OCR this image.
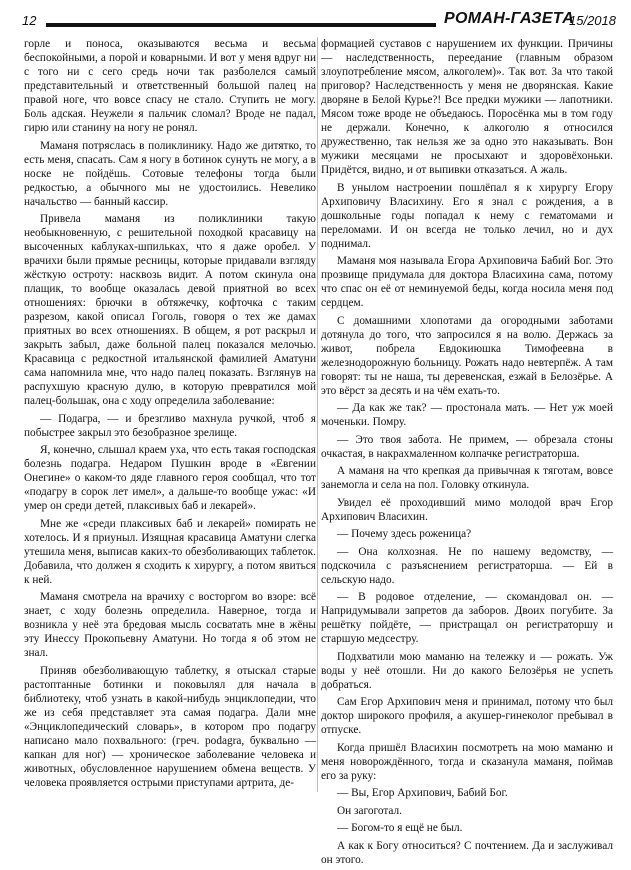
12	РОМАН-ГАЗЕТА
15/2018

горле и поноса, оказываются весьма и весьма беспокойными, а порой и коварными. И вот у меня вдруг ни с того ни с сего средь ночи так разболелся самый представительный и ответственный большой палец на правой ноге, что вовсе спасу не стало. Ступить не могу. Боль адская. Неужели я пальчик сломал? Вроде не падал, гирю или станину на ногу не ронял.

Маманя потряслась в поликлинику. Надо же дитятко, то есть меня, спасать. Сам я ногу в ботинок сунуть не могу, а в носке не пойдёшь. Сотовые телефоны тогда были редкостью, а обычного мы не удостоились. Невелико начальство — банный кассир.

Привела маманя из поликлиники такую необыкновенную, с решительной походкой красавицу на высоченных каблуках-шпильках, что я даже оробел. У врачихи были прямые ресницы, которые придавали взгляду жёсткую остроту: насквозь видит. А потом скинула она плащик, то вообще оказалась девой приятной во всех отношениях: брючки в обтяжечку, кофточка с таким разрезом, какой описал Гоголь, говоря о тех же дамах приятных во всех отношениях. В общем, я рот раскрыл и закрыть забыл, даже больной палец показался мелочью. Красавица с редкостной итальянской фамилией Аматуни сама напомнила мне, что надо палец показать. Взглянув на распухшую красную дулю, в которую превратился мой палец-большак, она с ходу определила заболевание:

— Подагра, — и брезгливо махнула ручкой, чтоб я побыстрее закрыл это безобразное зрелище.

Я, конечно, слышал краем уха, что есть такая господская болезнь подагра. Недаром Пушкин вроде в «Евгении Онегине» о каком-то дяде главного героя сообщал, что тот «подагру в сорок лет имел», а дальше-то вообще ужас: «И умер он среди детей, плаксивых баб и лекарей».

Мне же «среди плаксивых баб и лекарей» помирать не хотелось. И я приуныл. Изящная красавица Аматуни слегка утешила меня, выписав каких-то обезболивающих таблеток. Добавила, что должен я сходить к хирургу, а потом явиться к ней.

Маманя смотрела на врачиху с восторгом во взоре: всё знает, с ходу болезнь определила. Наверное, тогда и возникла у неё эта бредовая мысль сосватать мне в жёны эту Инессу Прокопьевну Аматуни. Но тогда я об этом не знал.

Приняв обезболивающую таблетку, я отыскал старые растоптанные ботинки и поковылял для начала в библиотеку, чтоб узнать в какой-нибудь энциклопедии, что же из себя представляет эта самая подагра. Дали мне «Энциклопедический словарь», в котором про подагру написано мало похвального: (греч. podagra, буквально — капкан для ног) — хроническое заболевание человека и животных, обусловленное нарушением обмена веществ. У человека проявляется острыми приступами артрита, де-

формацией суставов с нарушением их функции. Причины — наследственность, переедание (главным образом злоупотребление мясом, алкоголем)». Так вот. За что такой приговор? Наследственность у меня не дворянская. Какие дворяне в Белой Курье?! Все предки мужики — лапотники. Мясом тоже вроде не объедаюсь. Поросёнка мы в том году не держали. Конечно, к алкоголю я относился дружественно, так нельзя же за одно это наказывать. Вон мужики месяцами не просыхают и здоровёхоньки. Придётся, видно, и от выпивки отказаться. А жаль.

В унылом настроении пошлёпал я к хирургу Егору Архиповичу Власихину. Его я знал с рождения, а в дошкольные годы попадал к нему с гематомами и переломами. И он всегда не только лечил, но и дух поднимал.

Маманя моя называла Егора Архиповича Бабий Бог. Это прозвище придумала для доктора Власихина сама, потому что спас он её от неминуемой беды, когда носила меня под сердцем.

С домашними хлопотами да огородными заботами дотянула до того, что запросился я на волю. Держась за живот, побрела Евдокиюшка Тимофеевна в железнодорожную больницу. Рожать надо невтерпёж. А там говорят: ты не наша, ты деревенская, езжай в Белозёрье. А это вёрст за десять и на чём ехать-то.

— Да как же так? — простонала мать. — Нет уж моей моченьки. Помру.

— Это твоя забота. Не примем, — обрезала стоны очкастая, в накрахмаленном колпачке регистраторша.

А маманя на что крепкая да привычная к тяготам, вовсе занемогла и села на пол. Головку откинула.

Увидел её проходивший мимо молодой врач Егор Архипович Власихин.

— Почему здесь роженица?

— Она колхозная. Не по нашему ведомству, — подскочила с разъяснением регистраторша. — Ей в сельскую надо.

— В родовое отделение, — скомандовал он. — Напридумывали запретов да заборов. Двоих погубите. За решётку пойдёте, — пристращал он регистраторшу и старшую медсестру.

Подхватили мою маманю на тележку и — рожать. Уж воды у неё отошли. Ни до какого Белозёрья не успеть добраться.

Сам Егор Архипович меня и принимал, потому что был доктор широкого профиля, а акушер-гинеколог пребывал в отпуске.

Когда пришёл Власихин посмотреть на мою маманю и меня новорождённого, тогда и сказанула маманя, поймав его за руку:

— Вы, Егор Архипович, Бабий Бог.

Он загоготал.

— Богом-то я ещё не был.

А как к Богу относиться? С почтением. Да и заслуживал он этого.
